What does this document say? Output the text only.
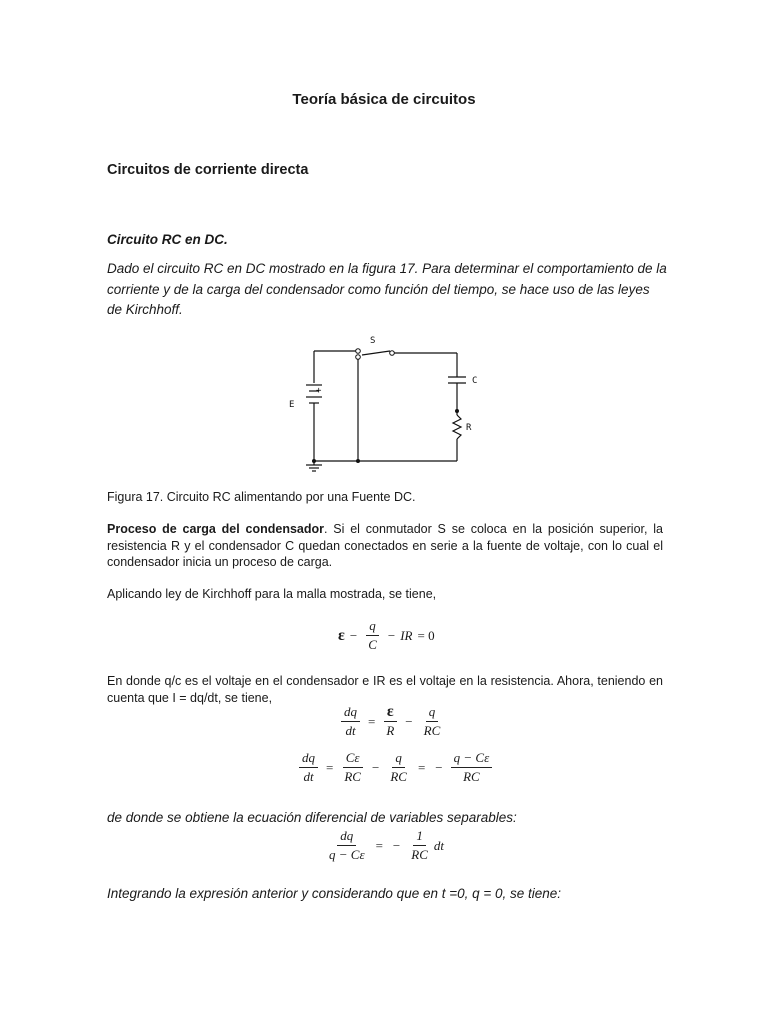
Teoría básica de circuitos
Circuitos de corriente directa
Circuito RC en DC.
Dado el circuito RC en DC mostrado en la figura 17. Para determinar el comportamiento de la corriente y de la carga del condensador como función del tiempo, se hace uso de las leyes de Kirchhoff.
S
C
R
E
+
Figura 17. Circuito RC alimentando por una Fuente DC.
Proceso de carga del condensador. Si el conmutador S se coloca en la posición superior, la resistencia R y el condensador C quedan conectados en serie a la fuente de voltaje, con lo cual el condensador inicia un proceso de carga.
Aplicando ley de Kirchhoff para la malla mostrada, se tiene,
$\varepsilon - \frac{q}{C}$ − IR = 0
En donde q/c es el voltaje en el condensador e IR es el voltaje en la resistencia. Ahora, teniendo en cuenta que I = dq/dt, se tiene,
$\frac{dq}{dt} = \frac{\varepsilon}{R} - \frac{q}{RC}$
$\frac{dq}{dt} = \frac{C\varepsilon}{RC} - \frac{q}{RC}$ = − $\frac{q - C\varepsilon}{RC}$
de donde se obtiene la ecuación diferencial de variables separables:
$\frac{dq}{q - C\varepsilon}$ = − $\frac{1}{RC}$ dt
Integrando la expresión anterior y considerando que en t =0, q = 0, se tiene:
